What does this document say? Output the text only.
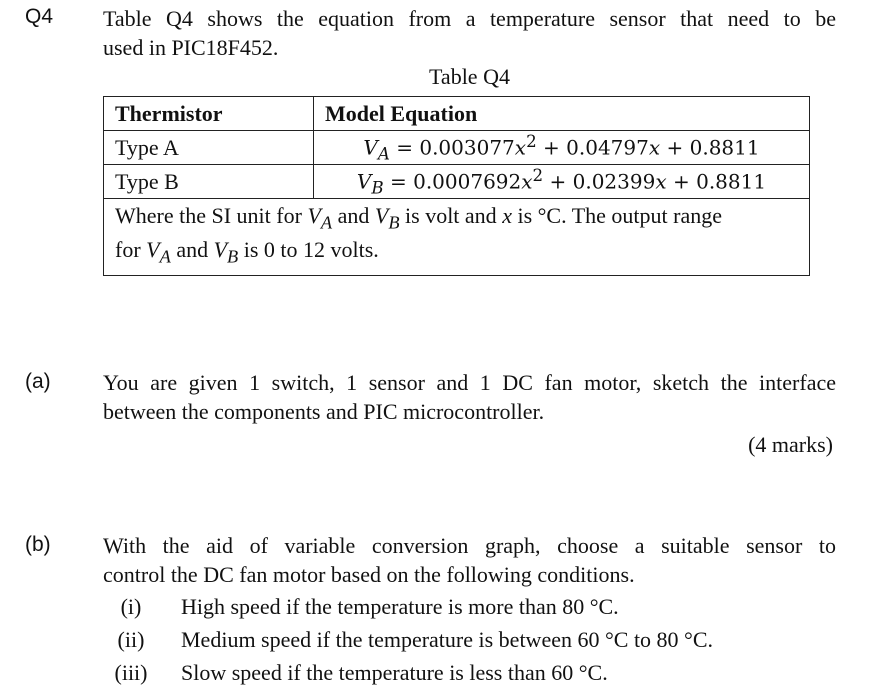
Q4 Table Q4 shows the equation from a temperature sensor that need to be
used in PIC18F452.
Table Q4
Thermistor	Model Equation
Type A	$V_A = 0.003077x^2 + 0.04797x + 0.8811$
Type B	$V_B = 0.0007692x^2 + 0.02399x + 0.8811$
Where the SI unit for $V_A$ and $V_B$ is volt and x is °C. The output range
for $V_A$ and $V_B$ is 0 to 12 volts.	
(a) You are given 1 switch, 1 sensor and 1 DC fan motor, sketch the interface
between the components and PIC microcontroller.
(4 marks)
(b) With the aid of variable conversion graph, choose a suitable sensor to
control the DC fan motor based on the following conditions.
(i)	High speed if the temperature is more than 80 °C.
(ii)	Medium speed if the temperature is between 60 °C to 80 °C.
(iii)	Slow speed if the temperature is less than 60 °C.
